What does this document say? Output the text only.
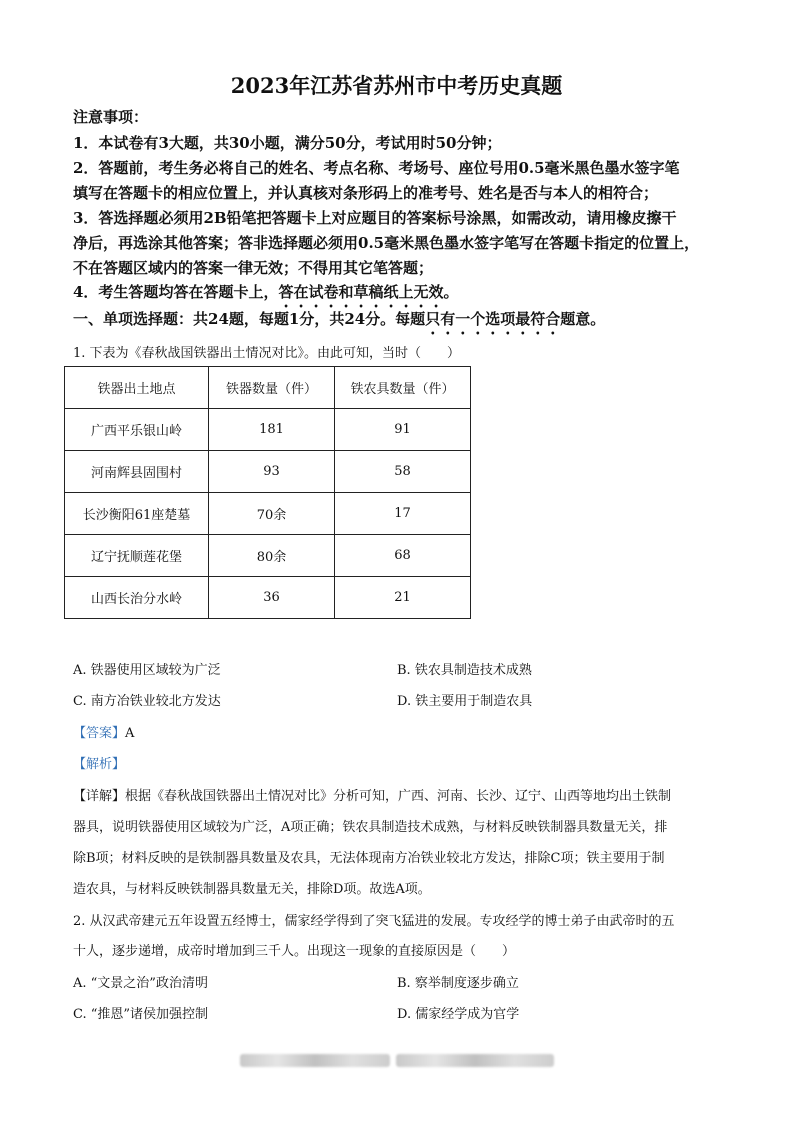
2023年江苏省苏州市中考历史真题
注意事项：
1．本试卷有3大题，共30小题，满分50分，考试用时50分钟；
2．答题前，考生务必将自己的姓名、考点名称、考场号、座位号用0.5毫米黑色墨水签字笔
填写在答题卡的相应位置上，并认真核对条形码上的准考号、姓名是否与本人的相符合；
3．答选择题必须用2B铅笔把答题卡上对应题目的答案标号涂黑，如需改动，请用橡皮擦干
净后，再选涂其他答案；答非选择题必须用0.5毫米黑色墨水签字笔写在答题卡指定的位置上，
不在答题区域内的答案一律无效；不得用其它笔答题；
4．考生答题均答在答题卡上，答在试卷和草稿纸上无效。
一、单项选择题：共24题，每题1分，共24分。每题只有一个选项最符合题意。
1. 下表为《春秋战国铁器出土情况对比》。由此可知，当时（　　）
铁器出土地点	铁器数量（件）	铁农具数量（件）
广西平乐银山岭	181	91
河南辉县固围村	93	58
长沙衡阳61座楚墓	70余	17
辽宁抚顺莲花堡	80余	68
山西长治分水岭	36	21
A. 铁器使用区域较为广泛	B. 铁农具制造技术成熟
C. 南方冶铁业较北方发达	D. 铁主要用于制造农具
【答案】A
【解析】
【详解】根据《春秋战国铁器出土情况对比》分析可知，广西、河南、长沙、辽宁、山西等地均出土铁制
器具，说明铁器使用区域较为广泛，A项正确；铁农具制造技术成熟，与材料反映铁制器具数量无关，排
除B项；材料反映的是铁制器具数量及农具，无法体现南方冶铁业较北方发达，排除C项；铁主要用于制
造农具，与材料反映铁制器具数量无关，排除D项。故选A项。
2. 从汉武帝建元五年设置五经博士，儒家经学得到了突飞猛进的发展。专攻经学的博士弟子由武帝时的五
十人，逐步递增，成帝时增加到三千人。出现这一现象的直接原因是（　　）
A. “文景之治”政治清明	B. 察举制度逐步确立
C. “推恩”诸侯加强控制	D. 儒家经学成为官学
